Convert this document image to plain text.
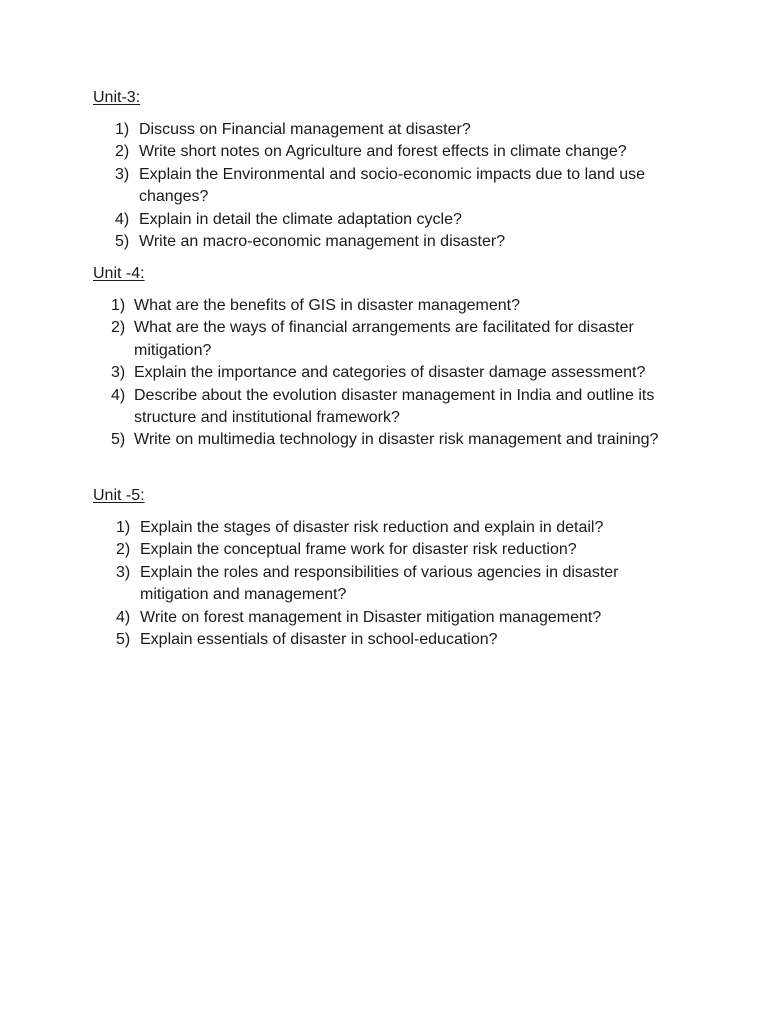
Unit-3:
1) Discuss on Financial management at disaster?
2) Write short notes on Agriculture and forest effects in climate change?
3) Explain the Environmental and socio-economic impacts due to land use changes?
4) Explain in detail the climate adaptation cycle?
5) Write an macro-economic management in disaster?
Unit -4:
1) What are the benefits of GIS in disaster management?
2) What are the ways of financial arrangements are facilitated for disaster mitigation?
3) Explain the importance and categories of disaster damage assessment?
4) Describe about the evolution disaster management in India and outline its structure and institutional framework?
5) Write on multimedia technology in disaster risk management and training?
Unit -5:
1) Explain the stages of disaster risk reduction and explain in detail?
2) Explain the conceptual frame work for disaster risk reduction?
3) Explain the roles and responsibilities of various agencies in disaster mitigation and management?
4) Write on forest management in Disaster mitigation management?
5) Explain essentials of disaster in school-education?
